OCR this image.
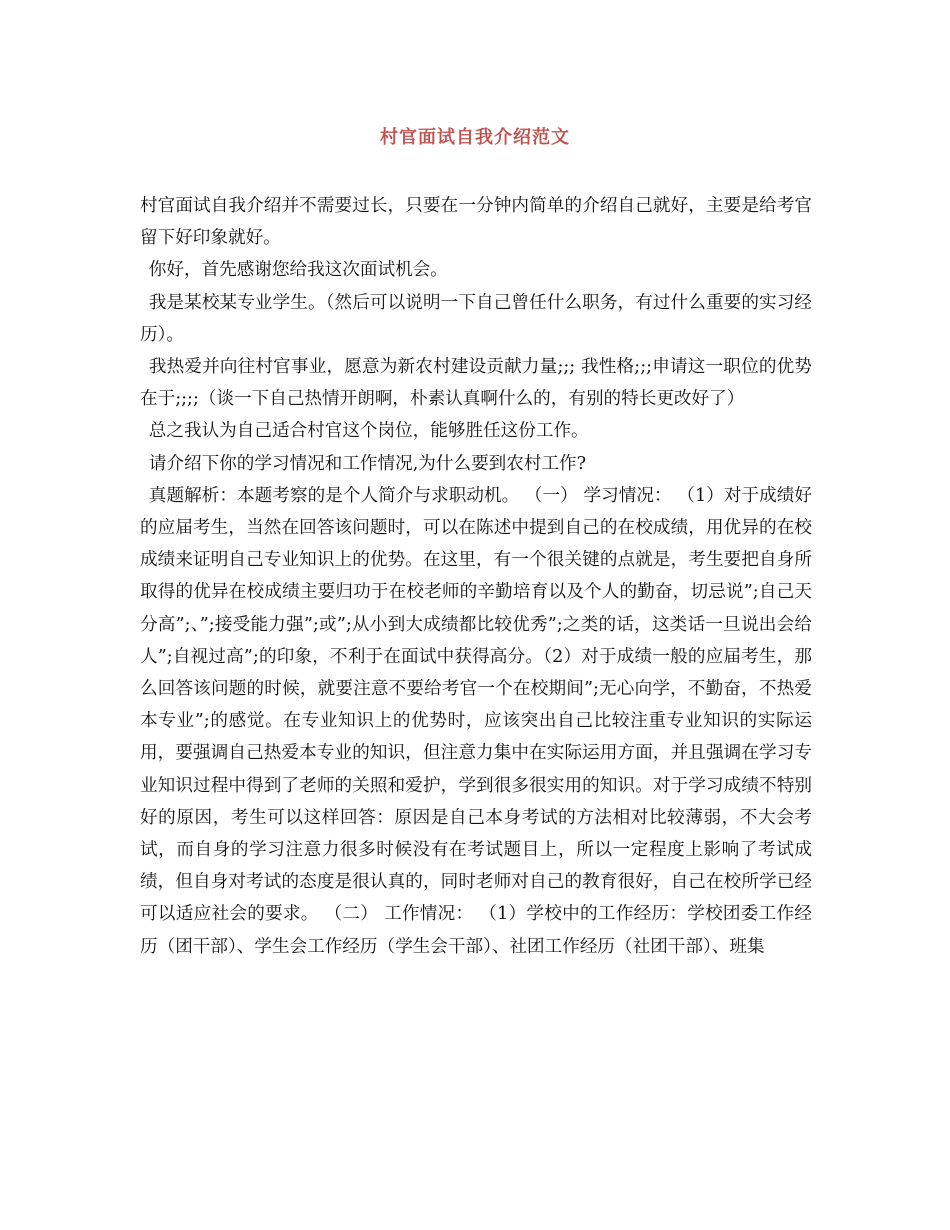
村官面试自我介绍范文

村官面试自我介绍并不需要过长，只要在一分钟内简单的介绍自己就好，主要是给考官留下好印象就好。

你好，首先感谢您给我这次面试机会。

我是某校某专业学生。（然后可以说明一下自己曾任什么职务，有过什么重要的实习经历）。

我热爱并向往村官事业，愿意为新农村建设贡献力量;;; 我性格;;;申请这一职位的优势在于;;;;（谈一下自己热情开朗啊，朴素认真啊什么的，有别的特长更改好了）

总之我认为自己适合村官这个岗位，能够胜任这份工作。

请介绍下你的学习情况和工作情况,为什么要到农村工作?

真题解析：本题考察的是个人简介与求职动机。 （一） 学习情况： （1）对于成绩好的应届考生，当然在回答该问题时，可以在陈述中提到自己的在校成绩，用优异的在校成绩来证明自己专业知识上的优势。在这里，有一个很关键的点就是，考生要把自身所取得的优异在校成绩主要归功于在校老师的辛勤培育以及个人的勤奋，切忌说”;自己天分高”;、”;接受能力强”;或”;从小到大成绩都比较优秀”;之类的话，这类话一旦说出会给人”;自视过高”;的印象，不利于在面试中获得高分。（2）对于成绩一般的应届考生，那么回答该问题的时候，就要注意不要给考官一个在校期间”;无心向学，不勤奋，不热爱本专业”;的感觉。在专业知识上的优势时，应该突出自己比较注重专业知识的实际运用，要强调自己热爱本专业的知识，但注意力集中在实际运用方面，并且强调在学习专业知识过程中得到了老师的关照和爱护，学到很多很实用的知识。对于学习成绩不特别好的原因，考生可以这样回答：原因是自己本身考试的方法相对比较薄弱，不大会考试，而自身的学习注意力很多时候没有在考试题目上，所以一定程度上影响了考试成绩，但自身对考试的态度是很认真的，同时老师对自己的教育很好，自己在校所学已经可以适应社会的要求。 （二） 工作情况： （1）学校中的工作经历：学校团委工作经历（团干部）、学生会工作经历（学生会干部）、社团工作经历（社团干部）、班集
